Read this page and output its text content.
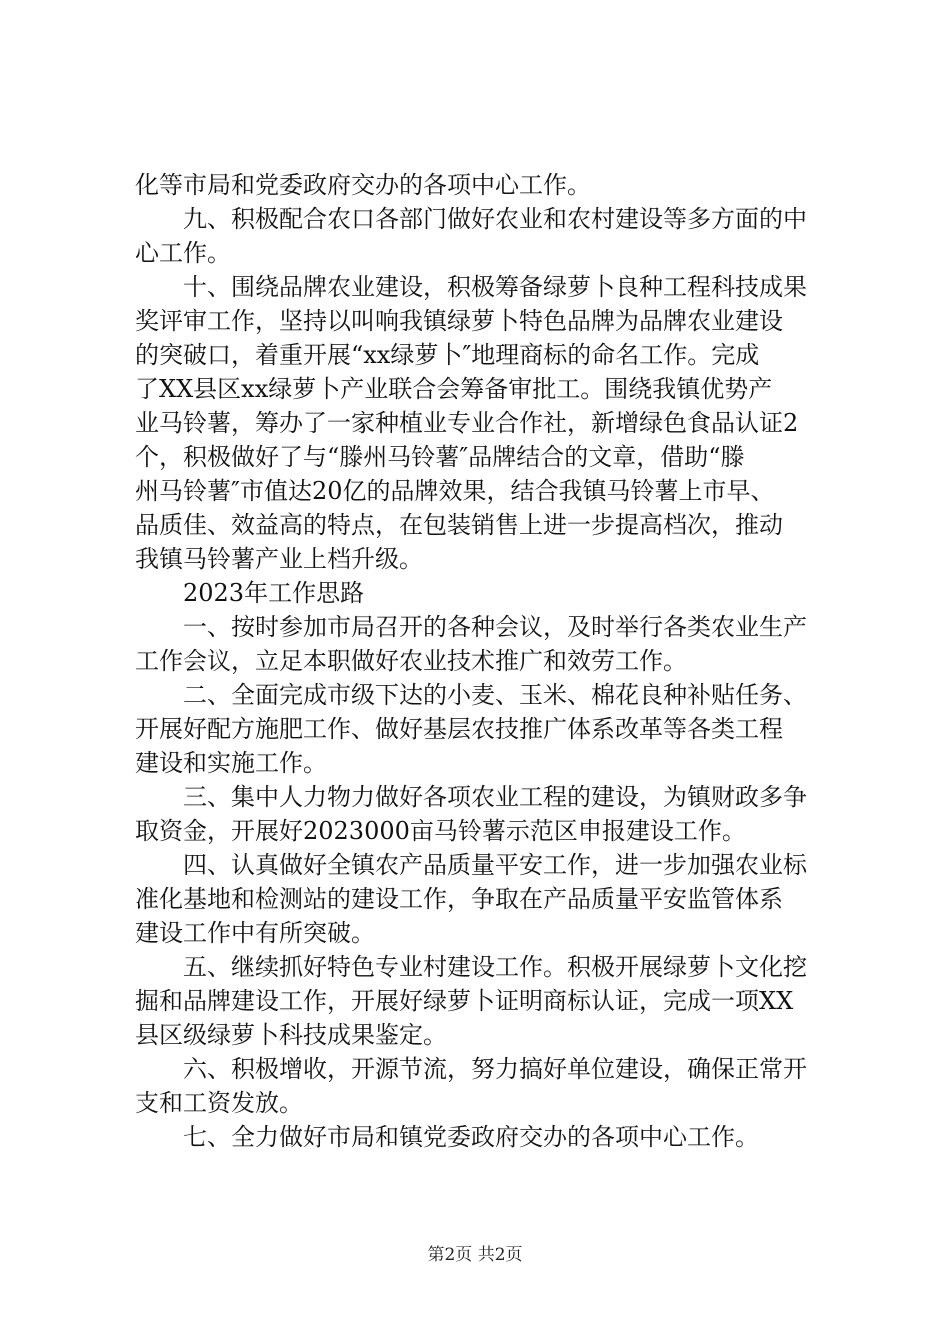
化等市局和党委政府交办的各项中心工作。
九、积极配合农口各部门做好农业和农村建设等多方面的中
心工作。
十、围绕品牌农业建设，积极筹备绿萝卜良种工程科技成果
奖评审工作，坚持以叫响我镇绿萝卜特色品牌为品牌农业建设
的突破口，着重开展“xx绿萝卜″地理商标的命名工作。完成
了XX县区xx绿萝卜产业联合会筹备审批工。围绕我镇优势产
业马铃薯，筹办了一家种植业专业合作社，新增绿色食品认证2
个，积极做好了与“滕州马铃薯″品牌结合的文章，借助“滕
州马铃薯″市值达20亿的品牌效果，结合我镇马铃薯上市早、
品质佳、效益高的特点，在包装销售上进一步提高档次，推动
我镇马铃薯产业上档升级。
2023年工作思路
一、按时参加市局召开的各种会议，及时举行各类农业生产
工作会议，立足本职做好农业技术推广和效劳工作。
二、全面完成市级下达的小麦、玉米、棉花良种补贴任务、
开展好配方施肥工作、做好基层农技推广体系改革等各类工程
建设和实施工作。
三、集中人力物力做好各项农业工程的建设，为镇财政多争
取资金，开展好2023000亩马铃薯示范区申报建设工作。
四、认真做好全镇农产品质量平安工作，进一步加强农业标
准化基地和检测站的建设工作，争取在产品质量平安监管体系
建设工作中有所突破。
五、继续抓好特色专业村建设工作。积极开展绿萝卜文化挖
掘和品牌建设工作，开展好绿萝卜证明商标认证，完成一项XX
县区级绿萝卜科技成果鉴定。
六、积极增收，开源节流，努力搞好单位建设，确保正常开
支和工资发放。
七、全力做好市局和镇党委政府交办的各项中心工作。
第2页 共2页
